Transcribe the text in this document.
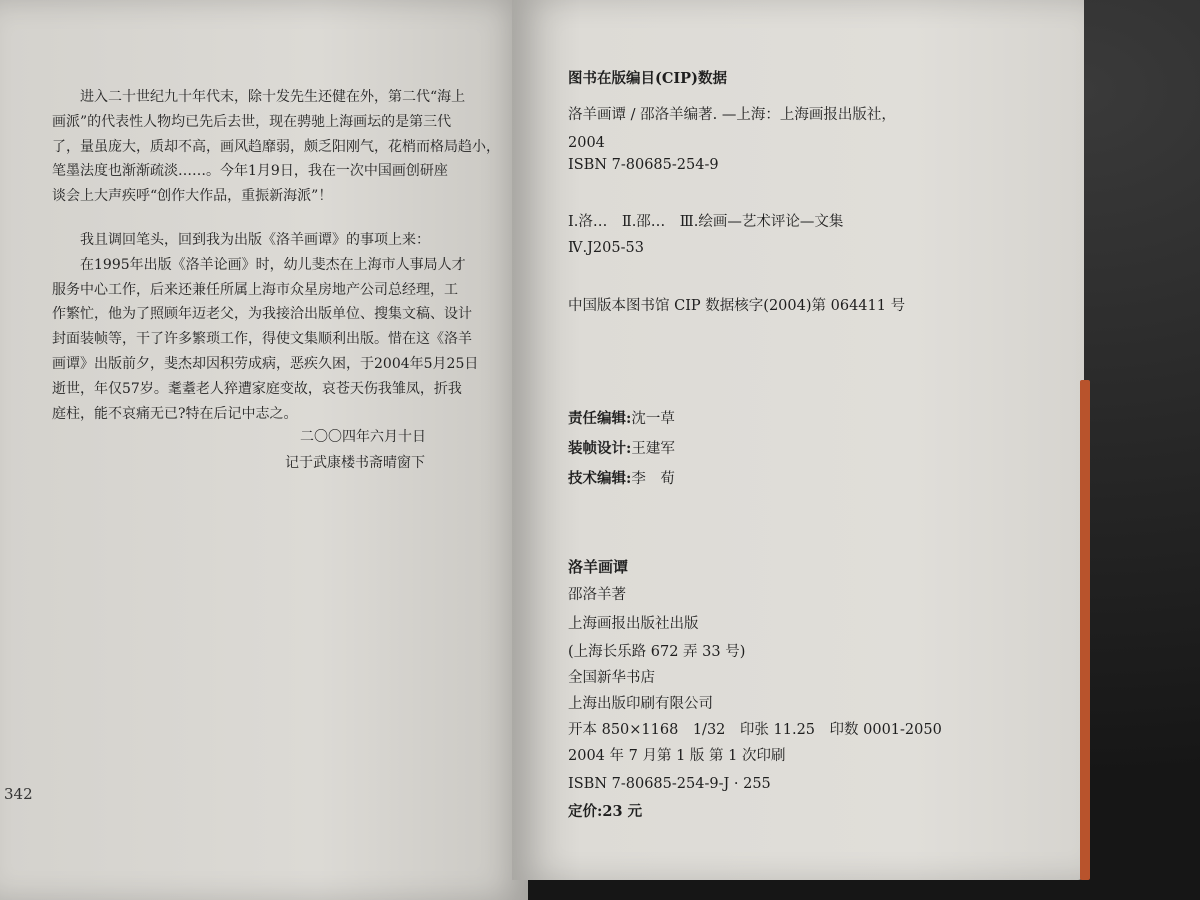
　　进入二十世纪九十年代末，除十发先生还健在外，第二代“海上
画派”的代表性人物均已先后去世，现在骋驰上海画坛的是第三代
了，量虽庞大，质却不高，画风趋靡弱，颇乏阳刚气，花梢而格局趋小，
笔墨法度也渐渐疏淡……。今年1月9日，我在一次中国画创研座
谈会上大声疾呼“创作大作品，重振新海派”！
　　我且调回笔头，回到我为出版《洛羊画谭》的事项上来：
　　在1995年出版《洛羊论画》时，幼儿斐杰在上海市人事局人才
服务中心工作，后来还兼任所属上海市众星房地产公司总经理，工
作繁忙，他为了照顾年迈老父，为我接洽出版单位、搜集文稿、设计
封面装帧等，干了许多繁琐工作，得使文集顺利出版。惜在这《洛羊
画谭》出版前夕，斐杰却因积劳成病，恶疾久困，于2004年5月25日
逝世，年仅57岁。耄耋老人猝遭家庭变故，哀苍天伤我雏凤，折我
庭柱，能不哀痛无已?特在后记中志之。
二〇〇四年六月十日
记于武康楼书斋晴窗下
342
图书在版编目(CIP)数据
洛羊画谭 / 邵洛羊编著. —上海：上海画报出版社，
2004
ISBN 7-80685-254-9
Ⅰ.洛…　Ⅱ.邵…　Ⅲ.绘画—艺术评论—文集
Ⅳ.J205-53
中国版本图书馆 CIP 数据核字(2004)第 064411 号
责任编辑:沈一草
装帧设计:王建军
技术编辑:李　荀
洛羊画谭
邵洛羊著
上海画报出版社出版
(上海长乐路 672 弄 33 号)
全国新华书店
上海出版印刷有限公司
开本 850×1168　1/32　印张 11.25　印数 0001-2050
2004 年 7 月第 1 版 第 1 次印刷
ISBN 7-80685-254-9-J · 255
定价:23 元
